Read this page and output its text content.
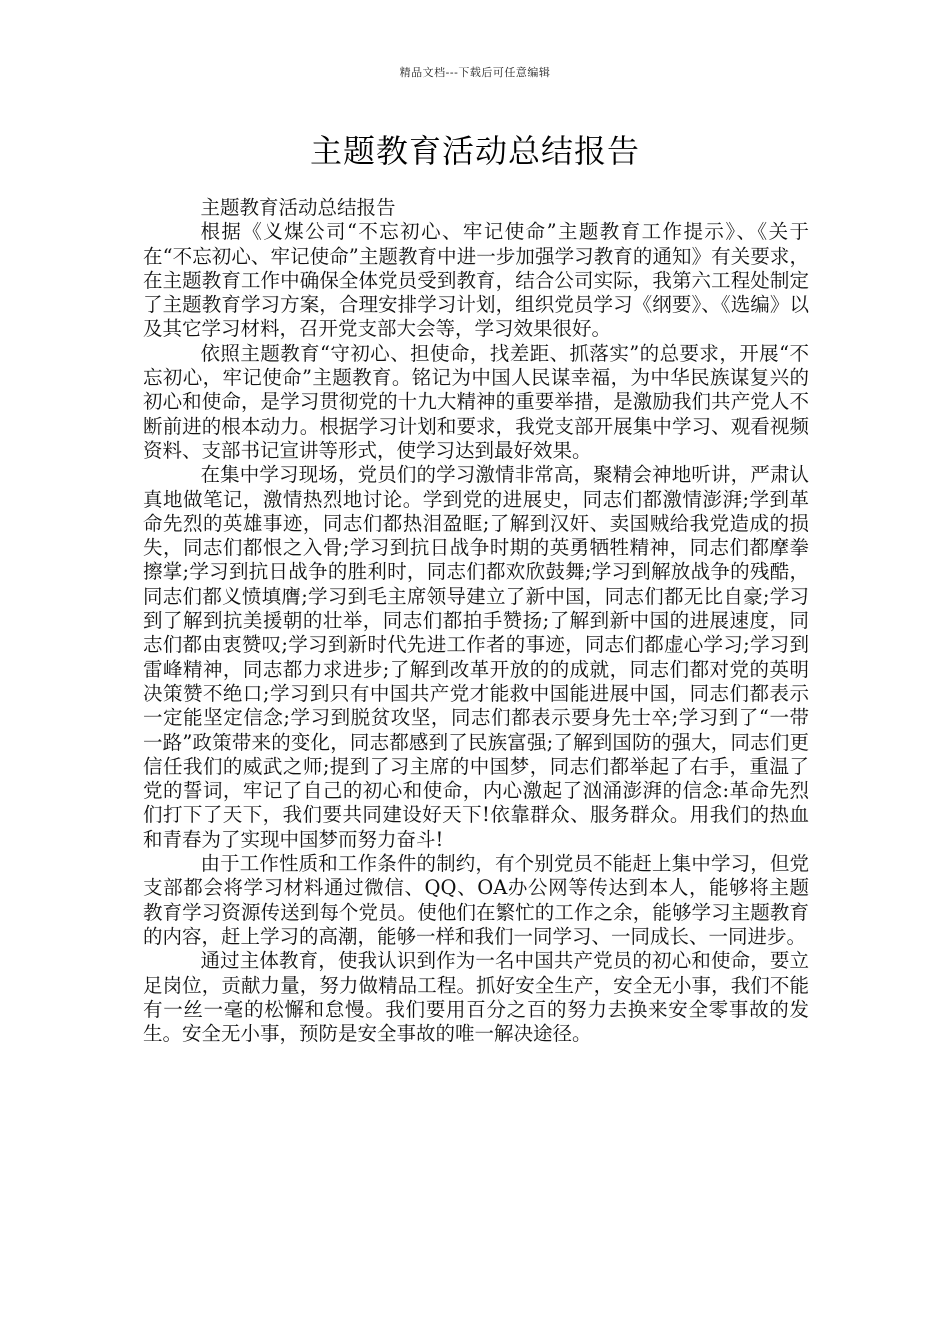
精品文档---下载后可任意编辑
主题教育活动总结报告

主题教育活动总结报告

根据《义煤公司“不忘初心、牢记使命”主题教育工作提示》、《关于在“不忘初心、牢记使命”主题教育中进一步加强学习教育的通知》有关要求，在主题教育工作中确保全体党员受到教育，结合公司实际，我第六工程处制定了主题教育学习方案，合理安排学习计划，组织党员学习《纲要》、《选编》以及其它学习材料，召开党支部大会等，学习效果很好。

依照主题教育“守初心、担使命，找差距、抓落实”的总要求，开展“不忘初心，牢记使命”主题教育。铭记为中国人民谋幸福，为中华民族谋复兴的初心和使命，是学习贯彻党的十九大精神的重要举措，是激励我们共产党人不断前进的根本动力。根据学习计划和要求，我党支部开展集中学习、观看视频资料、支部书记宣讲等形式，使学习达到最好效果。

在集中学习现场，党员们的学习激情非常高，聚精会神地听讲，严肃认真地做笔记，激情热烈地讨论。学到党的进展史，同志们都激情澎湃;学到革命先烈的英雄事迹，同志们都热泪盈眶;了解到汉奸、卖国贼给我党造成的损失，同志们都恨之入骨;学习到抗日战争时期的英勇牺牲精神，同志们都摩拳擦掌;学习到抗日战争的胜利时，同志们都欢欣鼓舞;学习到解放战争的残酷，同志们都义愤填膺;学习到毛主席领导建立了新中国，同志们都无比自豪;学习到了解到抗美援朝的壮举，同志们都拍手赞扬;了解到新中国的进展速度，同志们都由衷赞叹;学习到新时代先进工作者的事迹，同志们都虚心学习;学习到雷峰精神，同志都力求进步;了解到改革开放的的成就，同志们都对党的英明决策赞不绝口;学习到只有中国共产党才能救中国能进展中国，同志们都表示一定能坚定信念;学习到脱贫攻坚，同志们都表示要身先士卒;学习到了“一带一路”政策带来的变化，同志都感到了民族富强;了解到国防的强大，同志们更信任我们的威武之师;提到了习主席的中国梦，同志们都举起了右手，重温了党的誓词，牢记了自己的初心和使命，内心激起了汹涌澎湃的信念:革命先烈们打下了天下，我们要共同建设好天下!依靠群众、服务群众。用我们的热血和青春为了实现中国梦而努力奋斗!

由于工作性质和工作条件的制约，有个别党员不能赶上集中学习，但党支部都会将学习材料通过微信、QQ、OA办公网等传达到本人，能够将主题教育学习资源传送到每个党员。使他们在繁忙的工作之余，能够学习主题教育的内容，赶上学习的高潮，能够一样和我们一同学习、一同成长、一同进步。

通过主体教育，使我认识到作为一名中国共产党员的初心和使命，要立足岗位，贡献力量，努力做精品工程。抓好安全生产，安全无小事，我们不能有一丝一毫的松懈和怠慢。我们要用百分之百的努力去换来安全零事故的发生。安全无小事，预防是安全事故的唯一解决途径。
